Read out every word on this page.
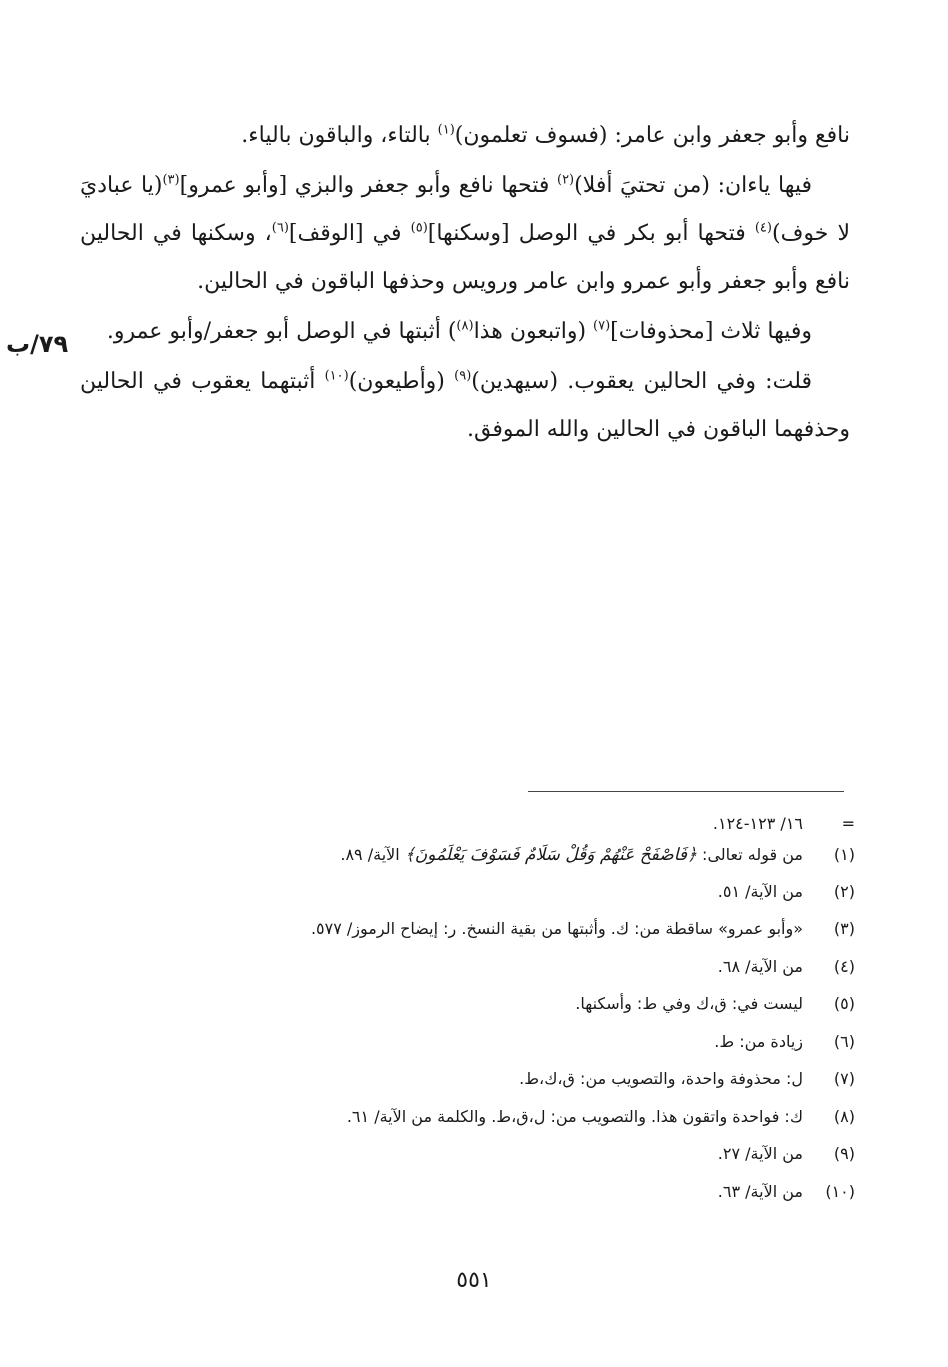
نافع وأبو جعفر وابن عامر: (فسوف تعلمون)$^{(١)}$ بالتاء، والباقون بالياء.

فيها ياءان: (من تحتيَ أفلا)$^{(٢)}$ فتحها نافع وأبو جعفر والبزي [وأبو عمرو]$^{(٣)}$(يا عباديَ لا خوف)$^{(٤)}$ فتحها أبو بكر في الوصل [وسكنها]$^{(٥)}$ في [الوقف]$^{(٦)}$، وسكنها في الحالين نافع وأبو جعفر وأبو عمرو وابن عامر ورويس وحذفها الباقون في الحالين.

وفيها ثلاث [محذوفات]$^{(٧)}$ (واتبعون هذا$^{(٨)}$) أثبتها في الوصل أبو جعفر/وأبو عمرو.

قلت: وفي الحالين يعقوب. (سيهدين)$^{(٩)}$ (وأطيعون)$^{(١٠)}$ أثبتهما يعقوب في الحالين وحذفهما الباقون في الحالين والله الموفق.

٧٩/ب
=
١٦/ ١٢٣-١٢٤.
(١)
من قوله تعالى: ﴿فَاصْفَحْ عَنْهُمْ وَقُلْ سَلَامٌ فَسَوْفَ يَعْلَمُونَ﴾ الآية/ ٨٩.
(٢)
من الآية/ ٥١.
(٣)
«وأبو عمرو» ساقطة من: ك. وأثبتها من بقية النسخ. ر: إيضاح الرموز/ ٥٧٧.
(٤)
من الآية/ ٦٨.
(٥)
ليست في: ق،ك وفي ط: وأسكنها.
(٦)
زيادة من: ط.
(٧)
ل: محذوفة واحدة، والتصويب من: ق،ك،ط.
(٨)
ك: فواحدة واتقون هذا. والتصويب من: ل،ق،ط. والكلمة من الآية/ ٦١.
(٩)
من الآية/ ٢٧.
(١٠)
من الآية/ ٦٣.
٥٥١
